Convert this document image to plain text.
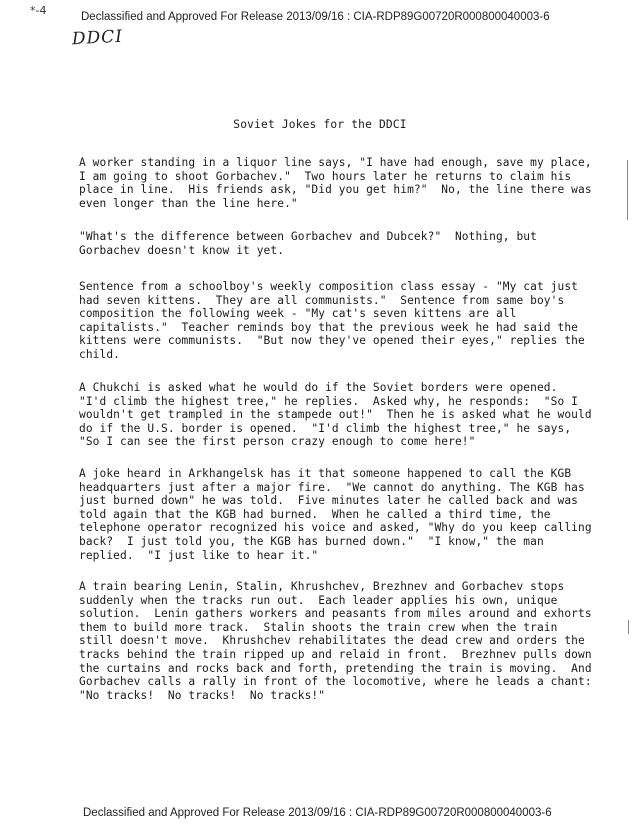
*-4	Declassified and Approved For Release 2013/09/16 : CIA-RDP89G00720R000800040003-6
DDCI
Soviet Jokes for the DDCI

A worker standing in a liquor line says, "I have had enough, save my place,
I am going to shoot Gorbachev."  Two hours later he returns to claim his
place in line.  His friends ask, "Did you get him?"  No, the line there was
even longer than the line here."

"What's the difference between Gorbachev and Dubcek?"  Nothing, but
Gorbachev doesn't know it yet.

Sentence from a schoolboy's weekly composition class essay - "My cat just
had seven kittens.  They are all communists."  Sentence from same boy's
composition the following week - "My cat's seven kittens are all
capitalists."  Teacher reminds boy that the previous week he had said the
kittens were communists.  "But now they've opened their eyes," replies the
child.

A Chukchi is asked what he would do if the Soviet borders were opened.
"I'd climb the highest tree," he replies.  Asked why, he responds:  "So I
wouldn't get trampled in the stampede out!"  Then he is asked what he would
do if the U.S. border is opened.  "I'd climb the highest tree," he says,
"So I can see the first person crazy enough to come here!"

A joke heard in Arkhangelsk has it that someone happened to call the KGB
headquarters just after a major fire.  "We cannot do anything. The KGB has
just burned down" he was told.  Five minutes later he called back and was
told again that the KGB had burned.  When he called a third time, the
telephone operator recognized his voice and asked, "Why do you keep calling
back?  I just told you, the KGB has burned down."  "I know," the man
replied.  "I just like to hear it."

A train bearing Lenin, Stalin, Khrushchev, Brezhnev and Gorbachev stops
suddenly when the tracks run out.  Each leader applies his own, unique
solution.  Lenin gathers workers and peasants from miles around and exhorts
them to build more track.  Stalin shoots the train crew when the train
still doesn't move.  Khrushchev rehabilitates the dead crew and orders the
tracks behind the train ripped up and relaid in front.  Brezhnev pulls down
the curtains and rocks back and forth, pretending the train is moving.  And
Gorbachev calls a rally in front of the locomotive, where he leads a chant:
"No tracks!  No tracks!  No tracks!"

Declassified and Approved For Release 2013/09/16 : CIA-RDP89G00720R000800040003-6
